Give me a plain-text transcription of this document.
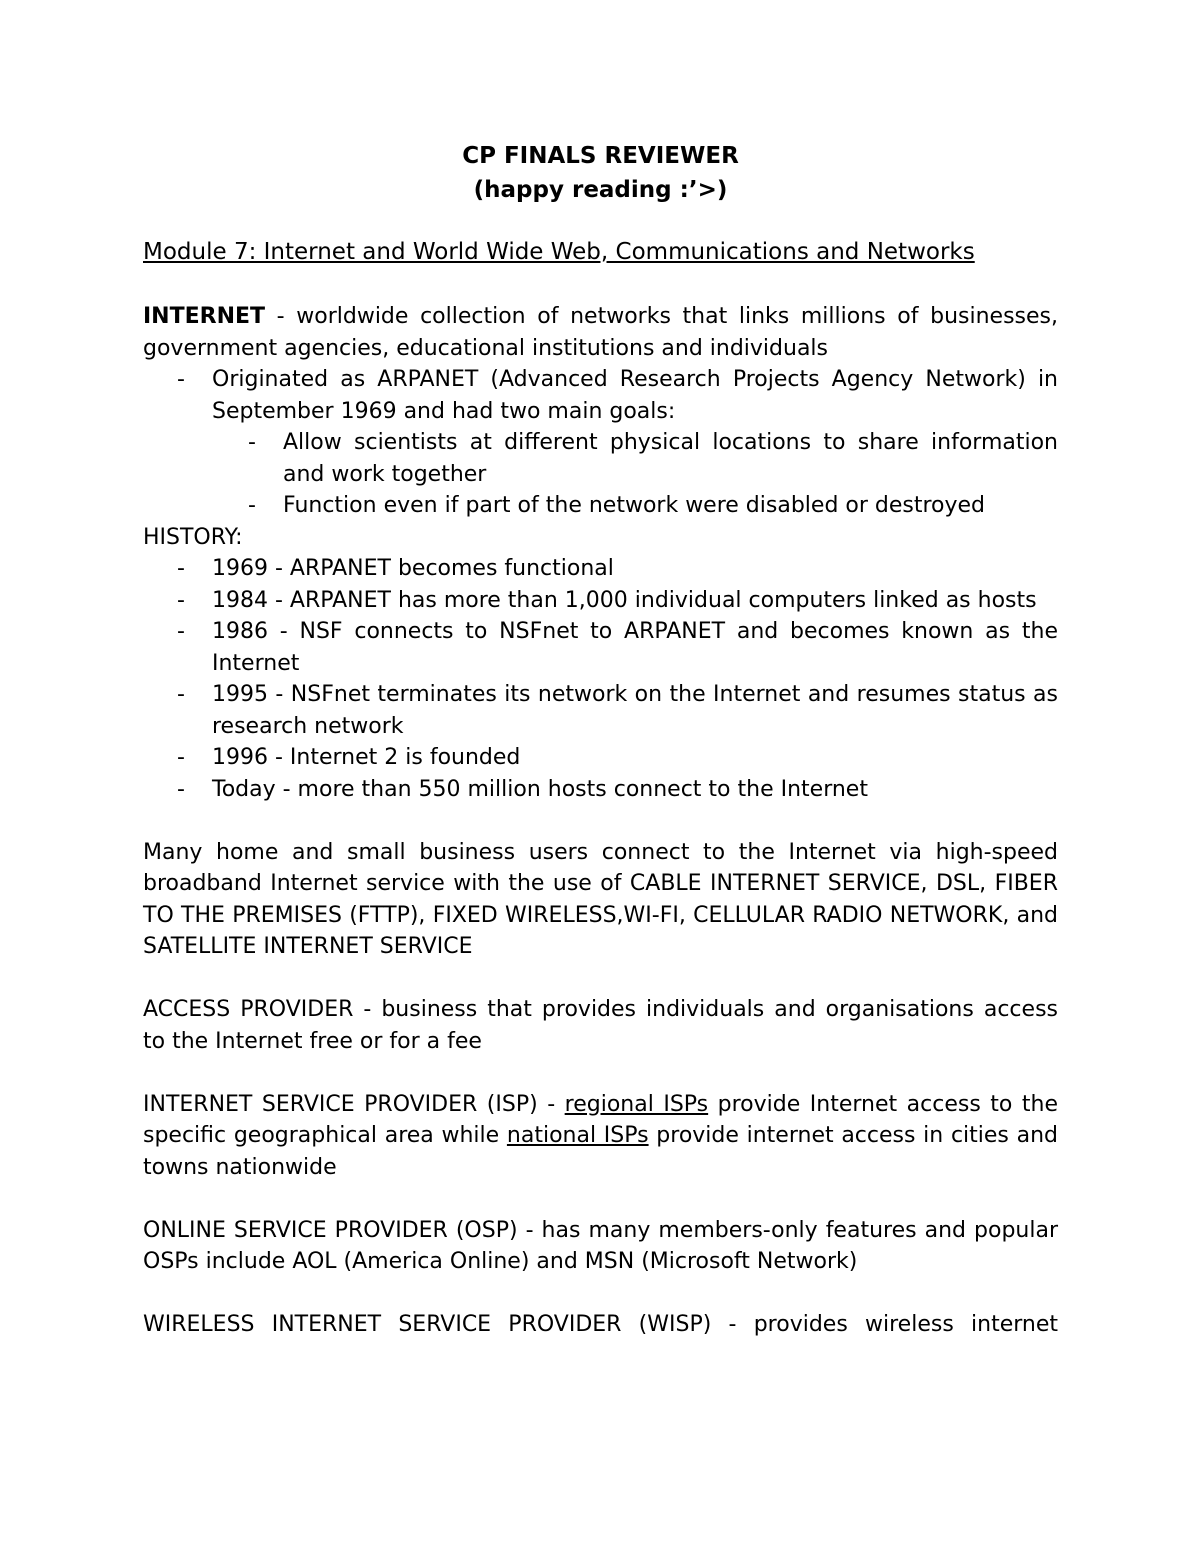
CP FINALS REVIEWER

(happy reading :’>)

Module 7: Internet and World Wide Web, Communications and Networks

INTERNET - worldwide collection of networks that links millions of businesses, government agencies, educational institutions and individuals

- Originated as ARPANET (Advanced Research Projects Agency Network) in September 1969 and had two main goals:
- Allow scientists at different physical locations to share information and work together
- Function even if part of the network were disabled or destroyed

HISTORY:

- 1969 - ARPANET becomes functional
- 1984 - ARPANET has more than 1,000 individual computers linked as hosts
- 1986 - NSF connects to NSFnet to ARPANET and becomes known as the Internet
- 1995 - NSFnet terminates its network on the Internet and resumes status as research network
- 1996 - Internet 2 is founded
- Today - more than 550 million hosts connect to the Internet

Many home and small business users connect to the Internet via high-speed broadband Internet service with the use of CABLE INTERNET SERVICE, DSL, FIBER TO THE PREMISES (FTTP), FIXED WIRELESS,WI-FI, CELLULAR RADIO NETWORK, and SATELLITE INTERNET SERVICE

ACCESS PROVIDER - business that provides individuals and organisations access to the Internet free or for a fee

INTERNET SERVICE PROVIDER (ISP) - regional ISPs provide Internet access to the specific geographical area while national ISPs provide internet access in cities and towns nationwide

ONLINE SERVICE PROVIDER (OSP) - has many members-only features and popular OSPs include AOL (America Online) and MSN (Microsoft Network)

WIRELESS INTERNET SERVICE PROVIDER (WISP) - provides wireless internet
